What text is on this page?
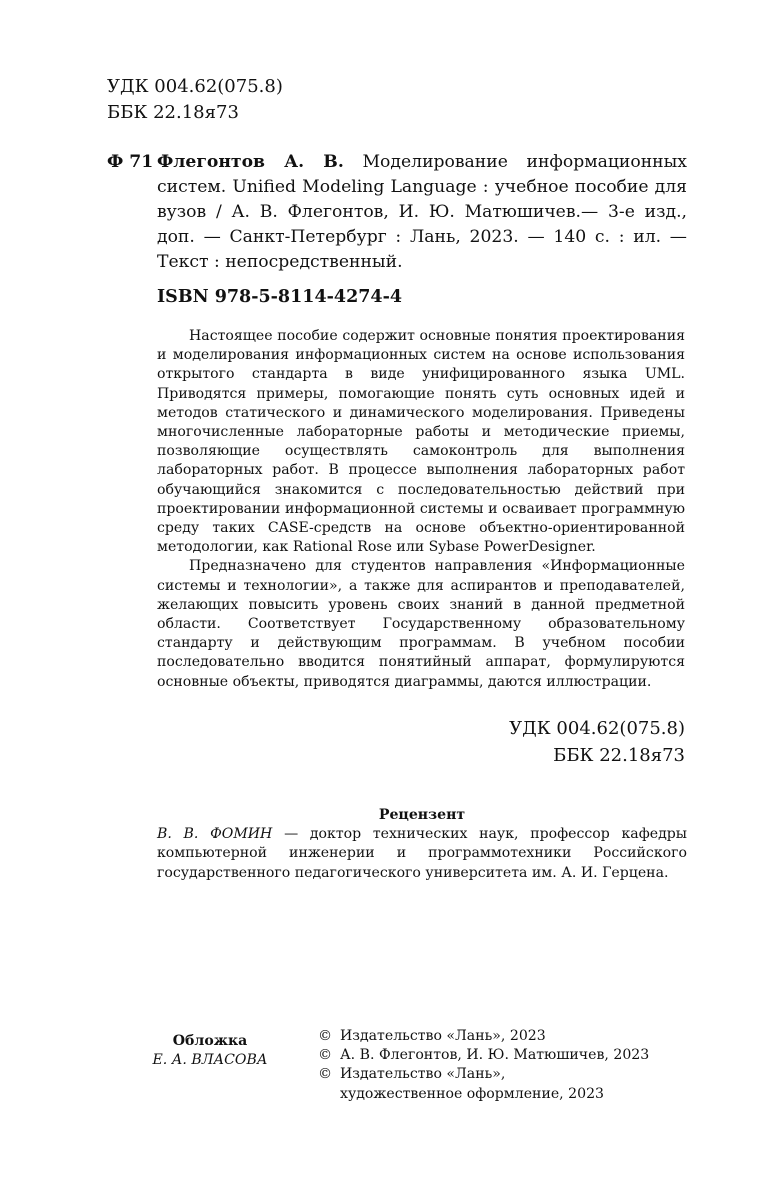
УДК 004.62(075.8)
ББК 22.18я73
Ф 71 Флегонтов А. В. Моделирование информационных систем. Unified Modeling Language : учебное пособие для вузов / А. В. Флегонтов, И. Ю. Матюшичев.— 3-е изд., доп. — Санкт-Петербург : Лань, 2023. — 140 с. : ил. — Текст : непосредственный.
ISBN 978-5-8114-4274-4

Настоящее пособие содержит основные понятия проектирования и моделирования информационных систем на основе использования открытого стандарта в виде унифицированного языка UML. Приводятся примеры, помогающие понять суть основных идей и методов статического и динамического моделирования. Приведены многочисленные лабораторные работы и методические приемы, позволяющие осуществлять самоконтроль для выполнения лабораторных работ. В процессе выполнения лабораторных работ обучающийся знакомится с последовательностью действий при проектировании информационной системы и осваивает программную среду таких CASE-средств на основе объектно-ориентированной методологии, как Rational Rose или Sybase PowerDesigner.

Предназначено для студентов направления «Информационные системы и технологии», а также для аспирантов и преподавателей, желающих повысить уровень своих знаний в данной предметной области. Соответствует Государственному образовательному стандарту и действующим программам. В учебном пособии последовательно вводится понятийный аппарат, формулируются основные объекты, приводятся диаграммы, даются иллюстрации.

УДК 004.62(075.8)
ББК 22.18я73
Рецензент
В. В. ФОМИН — доктор технических наук, профессор кафедры компьютерной инженерии и программотехники Российского государственного педагогического университета им. А. И. Герцена.
Обложка
Е. А. ВЛАСОВА
© Издательство «Лань», 2023
© А. В. Флегонтов, И. Ю. Матюшичев, 2023
© Издательство «Лань»,
художественное оформление, 2023
